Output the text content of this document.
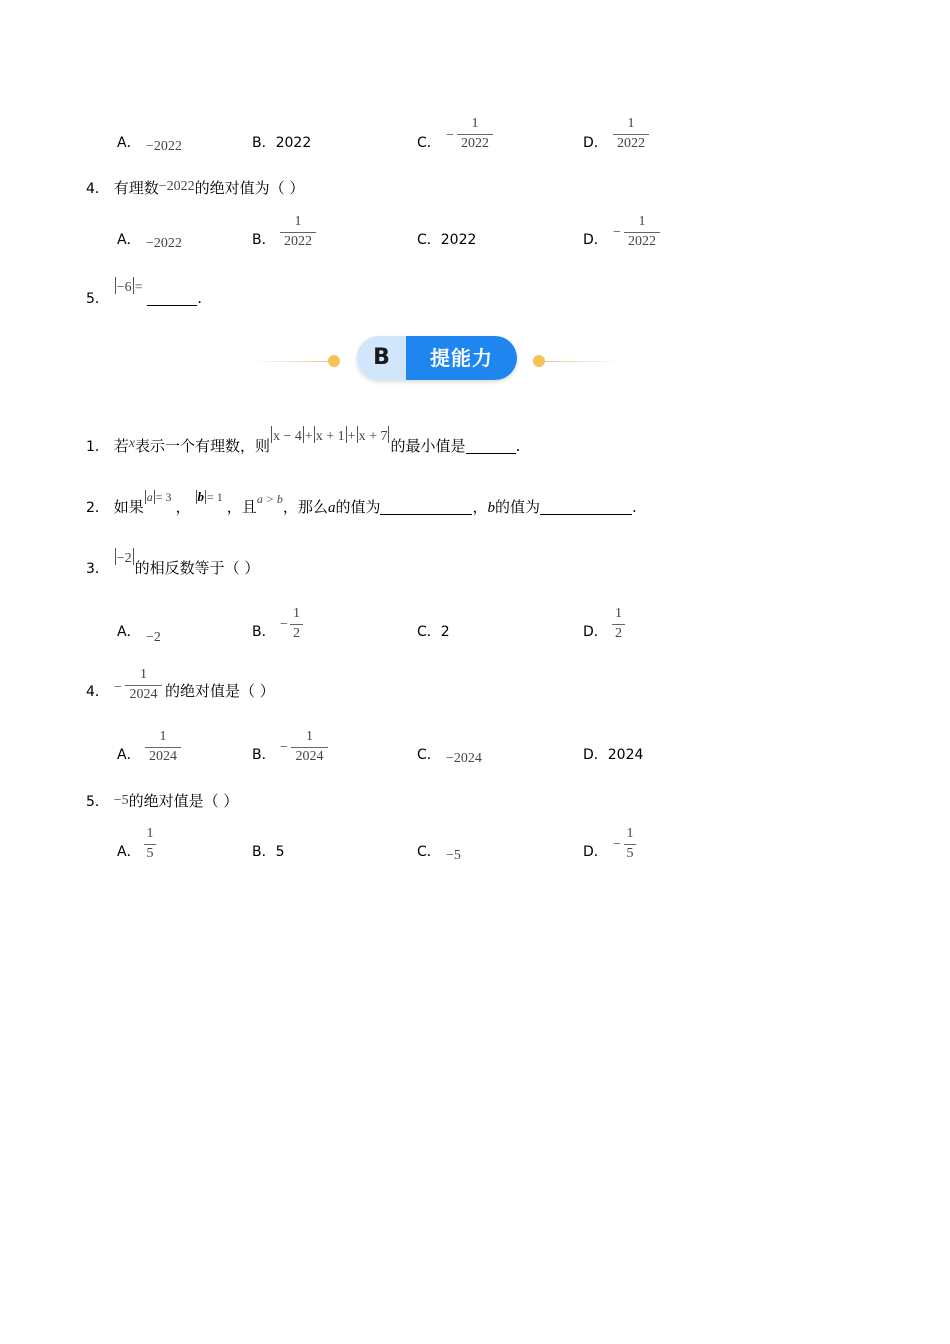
A． −2022	B．2022	C． −
1
2022	D．
1
2022
4． 有理数−2022的绝对值为（ ）
A． −2022	B．
1
2022	C．2022	D． −
1
2022
5． −6 = .
B	提能力
1． 若x表示一个有理数，则x − 4 + x + 1 + x + 7的最小值是	.
2． 如果$^{a = 3}$，b = 1，且$^{a > b}$，那么a的值为	，b的值为	.
3． −2的相反数等于（ ）
A． −2	B． −
1
2	C．2	D．
1
2
4． −
1
2024 的绝对值是（ ）
A．
1
2024	B． −
1
2024	C． −2024	D．2024
5． −5的绝对值是（ ）
A．
1
5	B．5	C． −5	D． −
1
5
